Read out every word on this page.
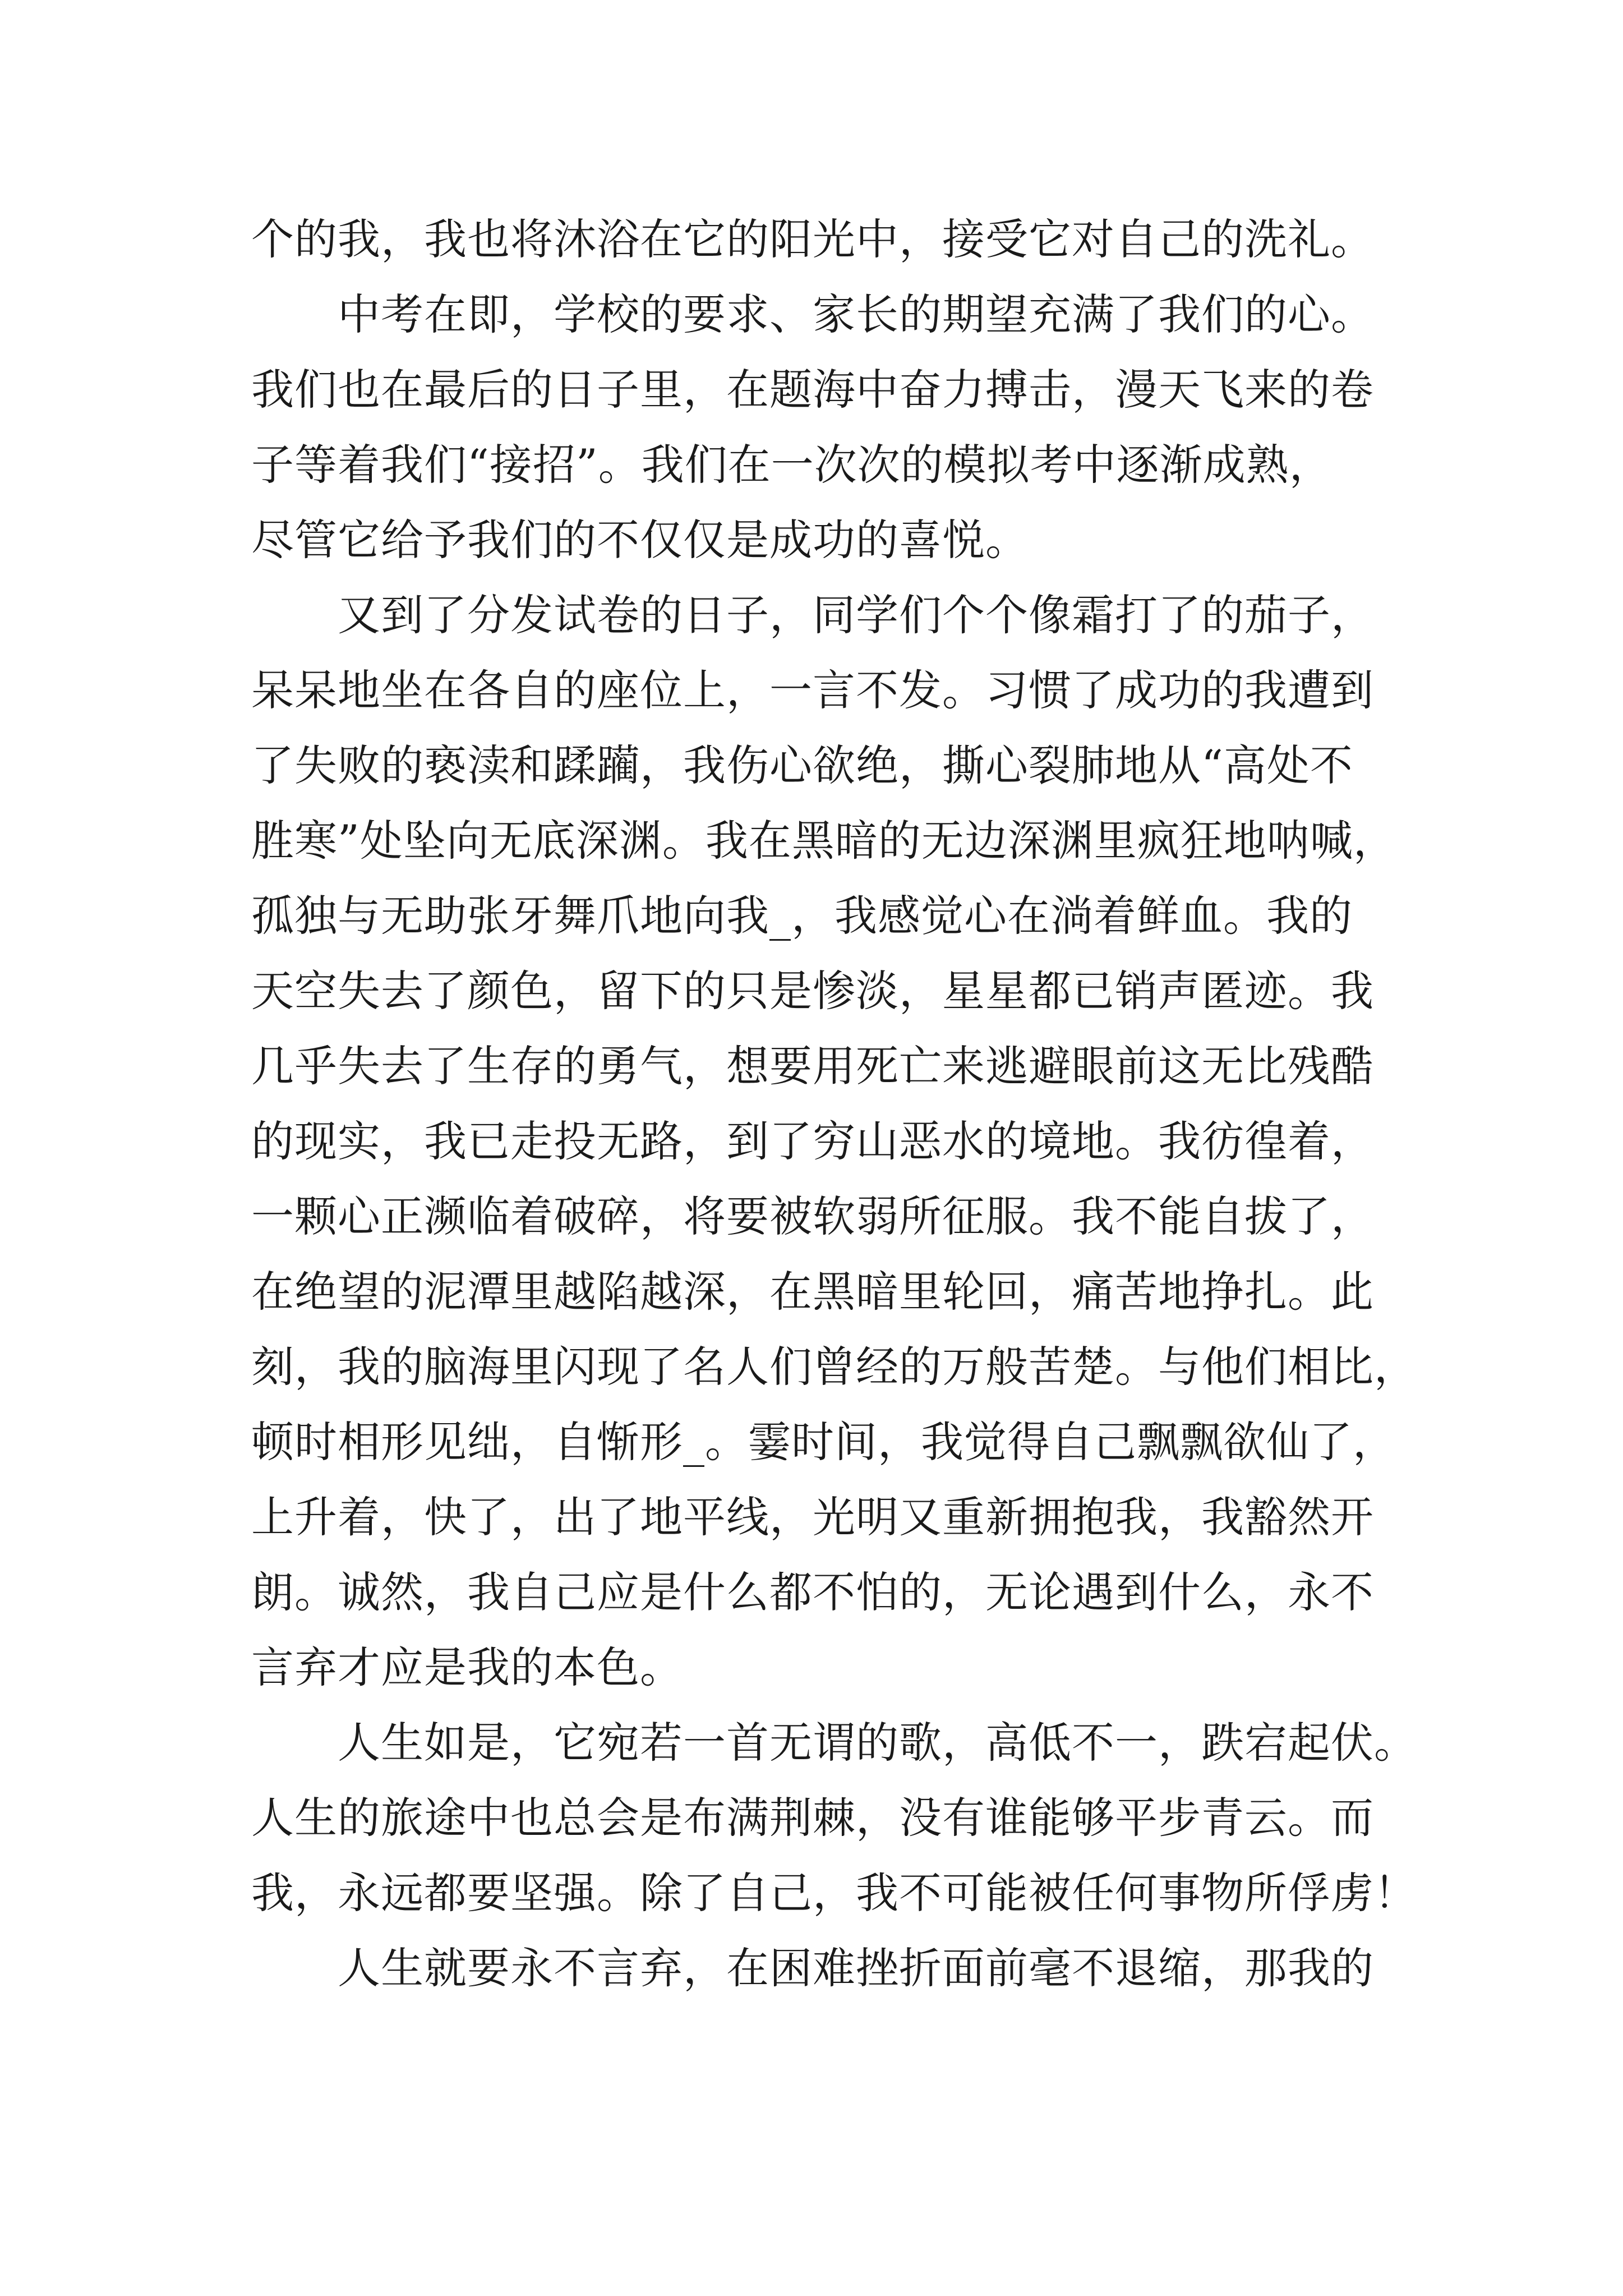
个的我，我也将沐浴在它的阳光中，接受它对自己的洗礼。
　　中考在即，学校的要求、家长的期望充满了我们的心。
我们也在最后的日子里，在题海中奋力搏击，漫天飞来的卷
子等着我们“接招”。我们在一次次的模拟考中逐渐成熟，
尽管它给予我们的不仅仅是成功的喜悦。
　　又到了分发试卷的日子，同学们个个像霜打了的茄子，
呆呆地坐在各自的座位上，一言不发。习惯了成功的我遭到
了失败的亵渎和蹂躏，我伤心欲绝，撕心裂肺地从“高处不
胜寒”处坠向无底深渊。我在黑暗的无边深渊里疯狂地呐喊，
孤独与无助张牙舞爪地向我_，我感觉心在淌着鲜血。我的
天空失去了颜色，留下的只是惨淡，星星都已销声匿迹。我
几乎失去了生存的勇气，想要用死亡来逃避眼前这无比残酷
的现实，我已走投无路，到了穷山恶水的境地。我彷徨着，
一颗心正濒临着破碎，将要被软弱所征服。我不能自拔了，
在绝望的泥潭里越陷越深，在黑暗里轮回，痛苦地挣扎。此
刻，我的脑海里闪现了名人们曾经的万般苦楚。与他们相比，
顿时相形见绌，自惭形_。霎时间，我觉得自己飘飘欲仙了，
上升着，快了，出了地平线，光明又重新拥抱我，我豁然开
朗。诚然，我自己应是什么都不怕的，无论遇到什么，永不
言弃才应是我的本色。
　　人生如是，它宛若一首无谓的歌，高低不一，跌宕起伏。
人生的旅途中也总会是布满荆棘，没有谁能够平步青云。而
我，永远都要坚强。除了自己，我不可能被任何事物所俘虏！
　　人生就要永不言弃，在困难挫折面前毫不退缩，那我的
